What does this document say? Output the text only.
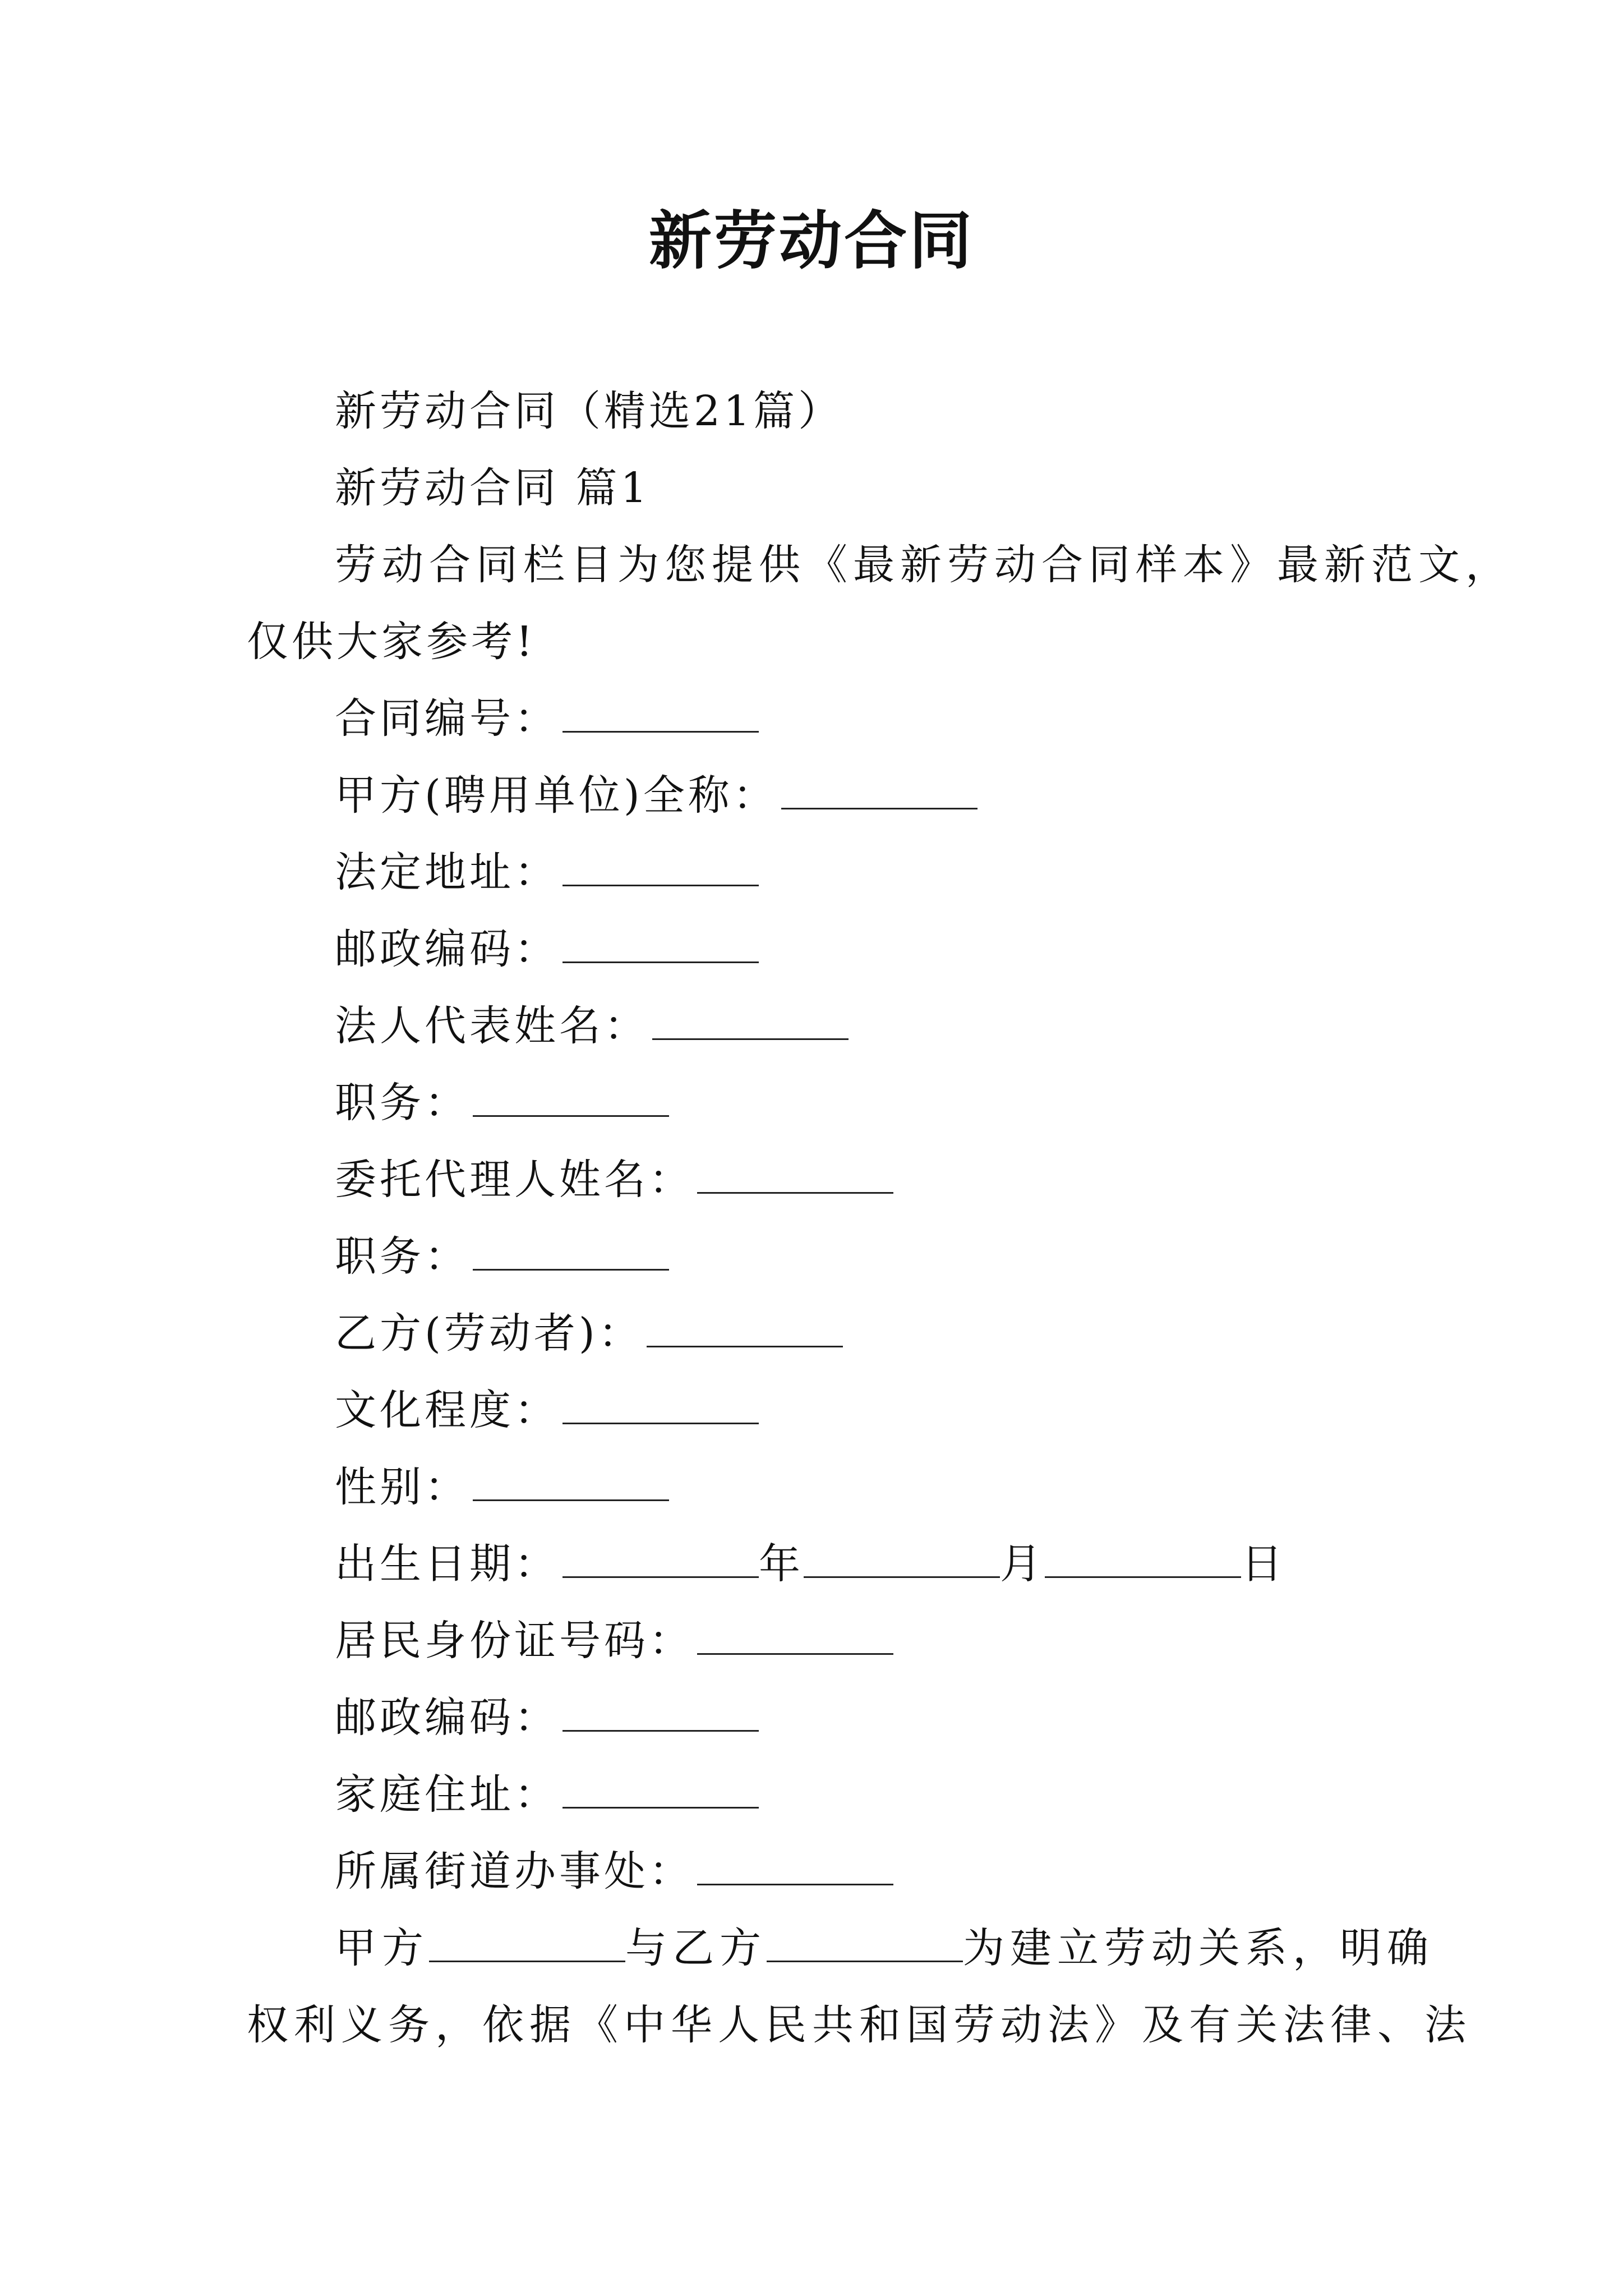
新劳动合同
新劳动合同（精选21篇）
新劳动合同 篇1
劳动合同栏目为您提供《最新劳动合同样本》最新范文，
仅供大家参考!
合同编号：
甲方(聘用单位)全称：
法定地址：
邮政编码：
法人代表姓名：
职务：
委托代理人姓名：
职务：
乙方(劳动者)：
文化程度：
性别：
出生日期：	年	月	日
居民身份证号码：
邮政编码：
家庭住址：
所属街道办事处：
甲方	与乙方	为建立劳动关系，明确
权利义务，依据《中华人民共和国劳动法》及有关法律、法
